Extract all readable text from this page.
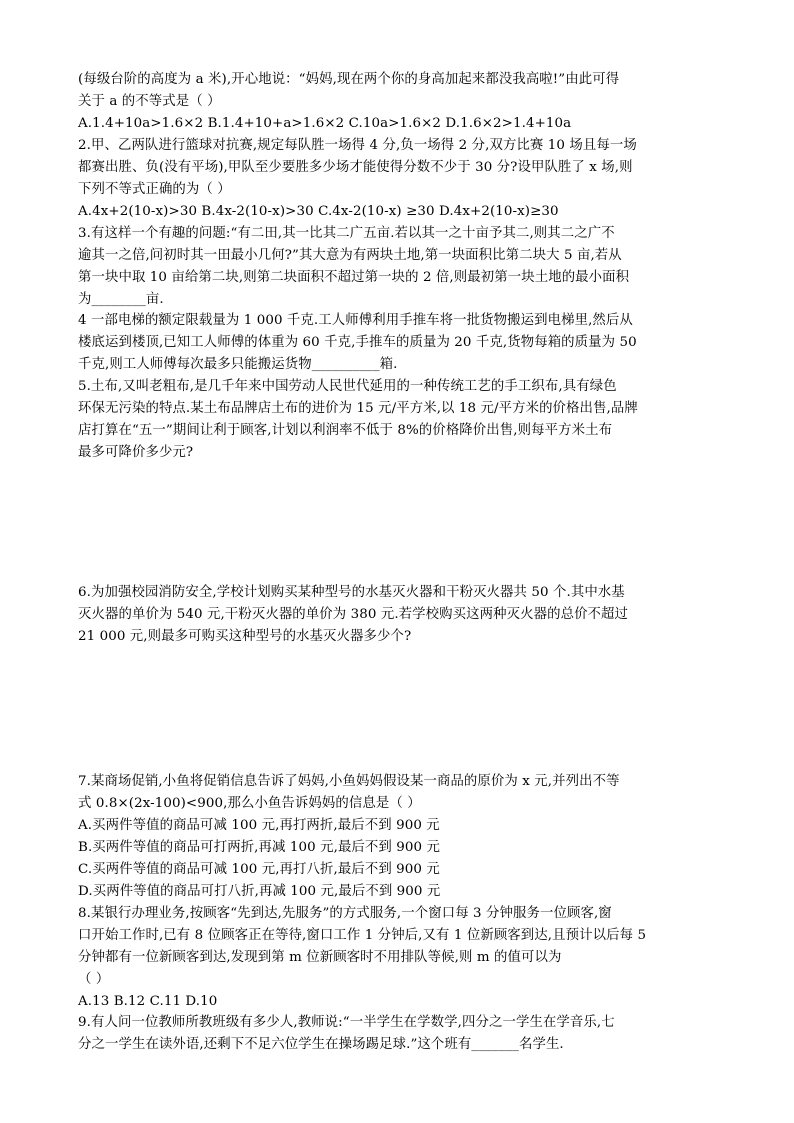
(每级台阶的高度为 a 米),开心地说：“妈妈,现在两个你的身高加起来都没我高啦!”由此可得
关于 a 的不等式是（ ）
A.1.4+10a>1.6×2 B.1.4+10+a>1.6×2 C.10a>1.6×2 D.1.6×2>1.4+10a
2.甲、乙两队进行篮球对抗赛,规定每队胜一场得 4 分,负一场得 2 分,双方比赛 10 场且每一场
都赛出胜、负(没有平场),甲队至少要胜多少场才能使得分数不少于 30 分?设甲队胜了 x 场,则
下列不等式正确的为（ ）
A.4x+2(10-x)>30 B.4x-2(10-x)>30 C.4x-2(10-x) ≥30 D.4x+2(10-x)≥30
3.有这样一个有趣的问题:“有二田,其一比其二广五亩.若以其一之十亩予其二,则其二之广不
逾其一之倍,问初时其一田最小几何?”其大意为有两块土地,第一块面积比第二块大 5 亩,若从
第一块中取 10 亩给第二块,则第二块面积不超过第一块的 2 倍,则最初第一块土地的最小面积
为________亩.
4 一部电梯的额定限载量为 1 000 千克.工人师傅利用手推车将一批货物搬运到电梯里,然后从
楼底运到楼顶,已知工人师傅的体重为 60 千克,手推车的质量为 20 千克,货物每箱的质量为 50
千克,则工人师傅每次最多只能搬运货物__________箱.
5.土布,又叫老粗布,是几千年来中国劳动人民世代延用的一种传统工艺的手工织布,具有绿色
环保无污染的特点.某土布品牌店土布的进价为 15 元/平方米,以 18 元/平方米的价格出售,品牌
店打算在“五一”期间让利于顾客,计划以利润率不低于 8%的价格降价出售,则每平方米土布
最多可降价多少元?
6.为加强校园消防安全,学校计划购买某种型号的水基灭火器和干粉灭火器共 50 个.其中水基
灭火器的单价为 540 元,干粉灭火器的单价为 380 元.若学校购买这两种灭火器的总价不超过
21 000 元,则最多可购买这种型号的水基灭火器多少个?
7.某商场促销,小鱼将促销信息告诉了妈妈,小鱼妈妈假设某一商品的原价为 x 元,并列出不等
式 0.8×(2x-100)<900,那么小鱼告诉妈妈的信息是（ ）
A.买两件等值的商品可减 100 元,再打两折,最后不到 900 元
B.买两件等值的商品可打两折,再减 100 元,最后不到 900 元
C.买两件等值的商品可减 100 元,再打八折,最后不到 900 元
D.买两件等值的商品可打八折,再减 100 元,最后不到 900 元
8.某银行办理业务,按顾客“先到达,先服务”的方式服务,一个窗口每 3 分钟服务一位顾客,窗
口开始工作时,已有 8 位顾客正在等待,窗口工作 1 分钟后,又有 1 位新顾客到达,且预计以后每 5
分钟都有一位新顾客到达,发现到第 m 位新顾客时不用排队等候,则 m 的值可以为
（ ）
A.13 B.12 C.11 D.10
9.有人问一位教师所教班级有多少人,教师说:“一半学生在学数学,四分之一学生在学音乐,七
分之一学生在读外语,还剩下不足六位学生在操场踢足球.”这个班有_______名学生.
